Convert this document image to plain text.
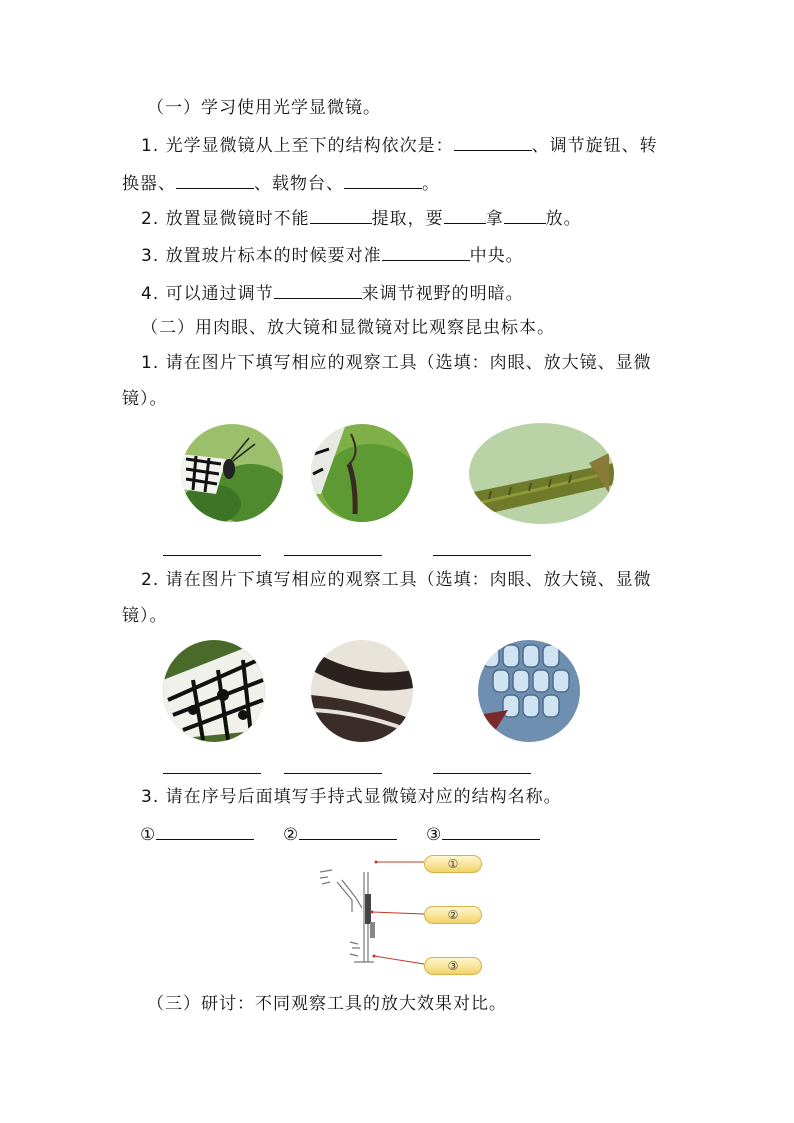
（一）学习使用光学显微镜。
1. 光学显微镜从上至下的结构依次是：	、调节旋钮、转
换器、	、载物台、	。
2. 放置显微镜时不能	提取，要 拿 放。
3. 放置玻片标本的时候要对准	中央。
4. 可以通过调节	来调节视野的明暗。
（二）用肉眼、放大镜和显微镜对比观察昆虫标本。
1. 请在图片下填写相应的观察工具（选填：肉眼、放大镜、显微
镜）。
2. 请在图片下填写相应的观察工具（选填：肉眼、放大镜、显微
镜）。
3. 请在序号后面填写手持式显微镜对应的结构名称。
①	②	③
①
②
③
（三）研讨：不同观察工具的放大效果对比。
